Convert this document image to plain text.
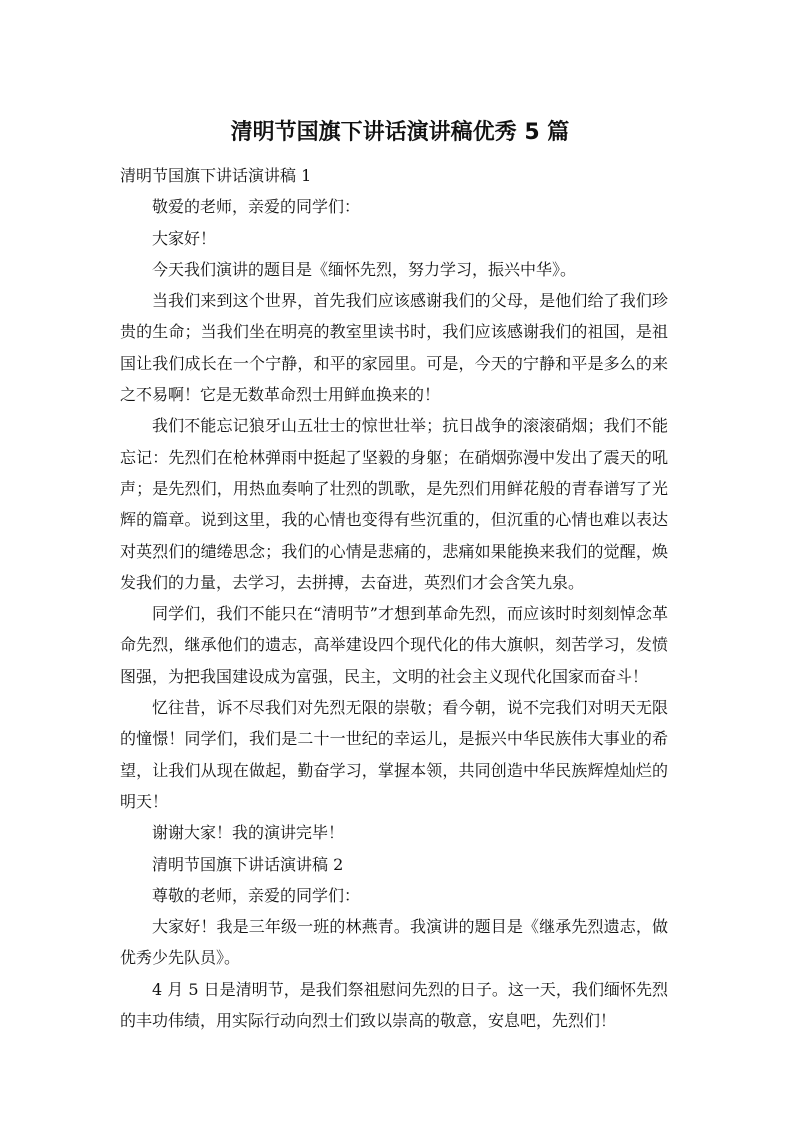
清明节国旗下讲话演讲稿优秀 5 篇

清明节国旗下讲话演讲稿 1

敬爱的老师，亲爱的同学们：

大家好！

今天我们演讲的题目是《缅怀先烈，努力学习，振兴中华》。

当我们来到这个世界，首先我们应该感谢我们的父母，是他们给了我们珍贵的生命；当我们坐在明亮的教室里读书时，我们应该感谢我们的祖国，是祖国让我们成长在一个宁静，和平的家园里。可是，今天的宁静和平是多么的来之不易啊！它是无数革命烈士用鲜血换来的！

我们不能忘记狼牙山五壮士的惊世壮举；抗日战争的滚滚硝烟；我们不能忘记：先烈们在枪林弹雨中挺起了坚毅的身躯；在硝烟弥漫中发出了震天的吼声；是先烈们，用热血奏响了壮烈的凯歌，是先烈们用鲜花般的青春谱写了光辉的篇章。说到这里，我的心情也变得有些沉重的，但沉重的心情也难以表达对英烈们的缱绻思念；我们的心情是悲痛的，悲痛如果能换来我们的觉醒，焕发我们的力量，去学习，去拼搏，去奋进，英烈们才会含笑九泉。

同学们，我们不能只在“清明节”才想到革命先烈，而应该时时刻刻悼念革命先烈，继承他们的遗志，高举建设四个现代化的伟大旗帜，刻苦学习，发愤图强，为把我国建设成为富强，民主，文明的社会主义现代化国家而奋斗！

忆往昔，诉不尽我们对先烈无限的崇敬；看今朝，说不完我们对明天无限的憧憬！同学们，我们是二十一世纪的幸运儿，是振兴中华民族伟大事业的希望，让我们从现在做起，勤奋学习，掌握本领，共同创造中华民族辉煌灿烂的明天！

谢谢大家！我的演讲完毕！

清明节国旗下讲话演讲稿 2

尊敬的老师，亲爱的同学们：

大家好！我是三年级一班的林燕青。我演讲的题目是《继承先烈遗志，做优秀少先队员》。

4 月 5 日是清明节，是我们祭祖慰问先烈的日子。这一天，我们缅怀先烈的丰功伟绩，用实际行动向烈士们致以崇高的敬意，安息吧，先烈们！
